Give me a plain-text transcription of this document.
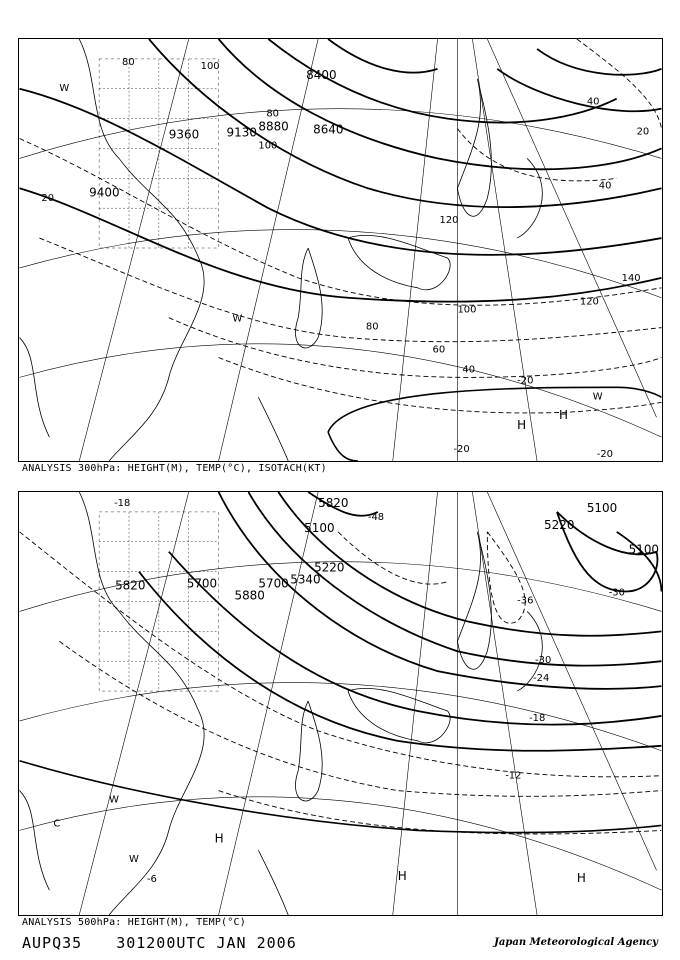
8400
9360 9130 8880 8640
9400
80	100
80
100
120
140
120
100
80
60
40
20
40
40
20
-20
-20	-20
H
H
W
W
W
ANALYSIS 300hPa: HEIGHT(M), TEMP(°C), ISOTACH(KT)
5100
5700
5820
5880
5340
5220
5700
5820	5100
5100
5220
-18
-36
-30
-24
-18
-12
-30
-6
-48
H
H	H
W
W
C
ANALYSIS 500hPa: HEIGHT(M), TEMP(°C)
AUPQ35 301200UTC JAN 2006	Japan Meteorological Agency
